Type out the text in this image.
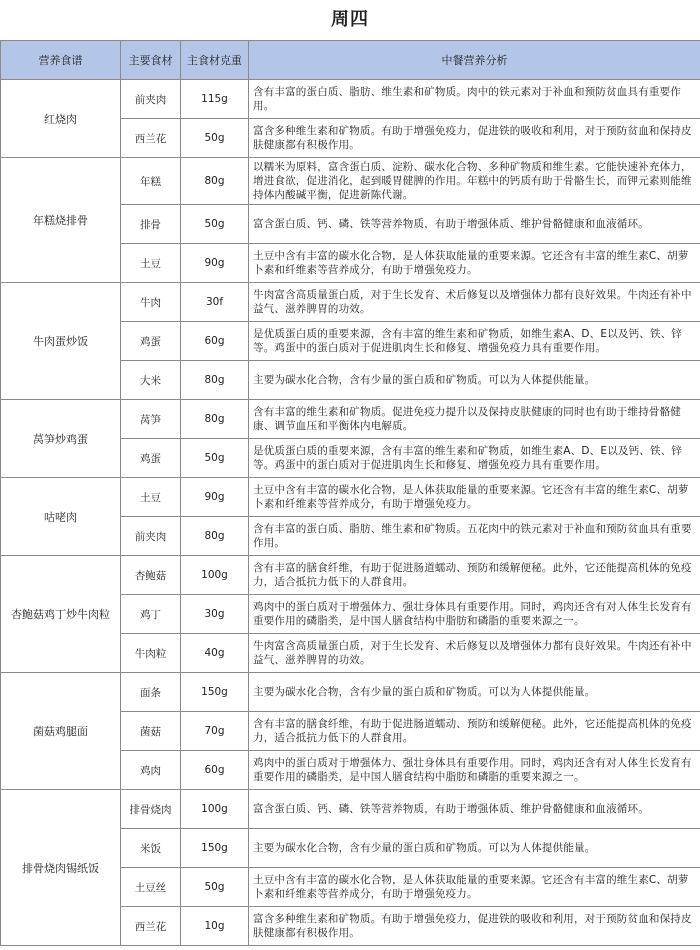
周四
营养食谱	主要食材	主食材克重	中餐营养分析
红烧肉	前夹肉	115g	含有丰富的蛋白质、脂肪、维生素和矿物质。肉中的铁元素对于补血和预防贫血具有重要作用。
	西兰花	50g	富含多种维生素和矿物质。有助于增强免疫力，促进铁的吸收和利用，对于预防贫血和保持皮肤健康都有积极作用。
年糕烧排骨	年糕	80g	以糯米为原料，富含蛋白质、淀粉、碳水化合物、多种矿物质和维生素。它能快速补充体力，增进食欲，促进消化，起到暖胃健脾的作用。年糕中的钙质有助于骨骼生长，而钾元素则能维持体内酸碱平衡，促进新陈代谢。
	排骨	50g	富含蛋白质、钙、磷、铁等营养物质，有助于增强体质、维护骨骼健康和血液循环。
	土豆	90g	土豆中含有丰富的碳水化合物，是人体获取能量的重要来源。它还含有丰富的维生素C、胡萝卜素和纤维素等营养成分，有助于增强免疫力。
牛肉蛋炒饭	牛肉	30f	牛肉富含高质量蛋白质，对于生长发育、术后修复以及增强体力都有良好效果。牛肉还有补中益气、滋养脾胃的功效。
	鸡蛋	60g	是优质蛋白质的重要来源，含有丰富的维生素和矿物质，如维生素A、D、E以及钙、铁、锌等。鸡蛋中的蛋白质对于促进肌肉生长和修复、增强免疫力具有重要作用。
	大米	80g	主要为碳水化合物，含有少量的蛋白质和矿物质。可以为人体提供能量。
莴笋炒鸡蛋	莴笋	80g	含有丰富的维生素和矿物质。促进免疫力提升以及保持皮肤健康的同时也有助于维持骨骼健康、调节血压和平衡体内电解质。
	鸡蛋	50g	是优质蛋白质的重要来源，含有丰富的维生素和矿物质，如维生素A、D、E以及钙、铁、锌等。鸡蛋中的蛋白质对于促进肌肉生长和修复、增强免疫力具有重要作用。
咕咾肉	土豆	90g	土豆中含有丰富的碳水化合物，是人体获取能量的重要来源。它还含有丰富的维生素C、胡萝卜素和纤维素等营养成分，有助于增强免疫力。
	前夹肉	80g	含有丰富的蛋白质、脂肪、维生素和矿物质。五花肉中的铁元素对于补血和预防贫血具有重要作用。
杏鲍菇鸡丁炒牛肉粒	杏鲍菇	100g	含有丰富的膳食纤维，有助于促进肠道蠕动、预防和缓解便秘。此外，它还能提高机体的免疫力，适合抵抗力低下的人群食用。
	鸡丁	30g	鸡肉中的蛋白质对于增强体力、强壮身体具有重要作用。同时，鸡肉还含有对人体生长发育有重要作用的磷脂类，是中国人膳食结构中脂肪和磷脂的重要来源之一。
	牛肉粒	40g	牛肉富含高质量蛋白质，对于生长发育、术后修复以及增强体力都有良好效果。牛肉还有补中益气、滋养脾胃的功效。
菌菇鸡腿面	面条	150g	主要为碳水化合物，含有少量的蛋白质和矿物质。可以为人体提供能量。
	菌菇	70g	含有丰富的膳食纤维，有助于促进肠道蠕动、预防和缓解便秘。此外，它还能提高机体的免疫力，适合抵抗力低下的人群食用。
	鸡肉	60g	鸡肉中的蛋白质对于增强体力、强壮身体具有重要作用。同时，鸡肉还含有对人体生长发育有重要作用的磷脂类，是中国人膳食结构中脂肪和磷脂的重要来源之一。
排骨烧肉锡纸饭	排骨烧肉	100g	富含蛋白质、钙、磷、铁等营养物质，有助于增强体质、维护骨骼健康和血液循环。
	米饭	150g	主要为碳水化合物，含有少量的蛋白质和矿物质。可以为人体提供能量。
	土豆丝	50g	土豆中含有丰富的碳水化合物，是人体获取能量的重要来源。它还含有丰富的维生素C、胡萝卜素和纤维素等营养成分，有助于增强免疫力。
	西兰花	10g	富含多种维生素和矿物质。有助于增强免疫力，促进铁的吸收和利用，对于预防贫血和保持皮肤健康都有积极作用。
